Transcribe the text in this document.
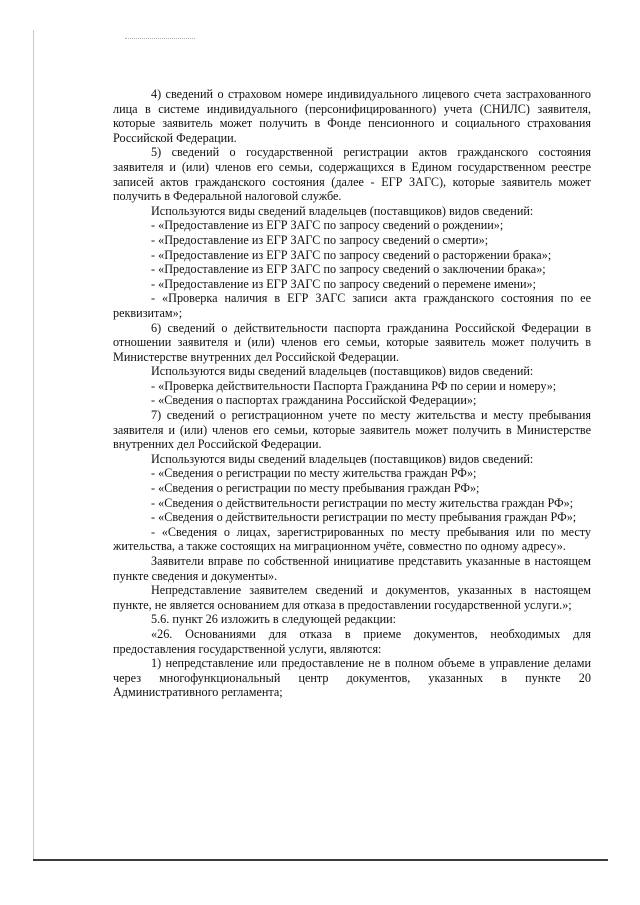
4) сведений о страховом номере индивидуального лицевого счета застрахованного лица в системе индивидуального (персонифицированного) учета (СНИЛС) заявителя, которые заявитель может получить в Фонде пенсионного и социального страхования Российской Федерации.

5) сведений о государственной регистрации актов гражданского состояния заявителя и (или) членов его семьи, содержащихся в Едином государственном реестре записей актов гражданского состояния (далее - ЕГР ЗАГС), которые заявитель может получить в Федеральной налоговой службе.

Используются виды сведений владельцев (поставщиков) видов сведений:

- «Предоставление из ЕГР ЗАГС по запросу сведений о рождении»;

- «Предоставление из ЕГР ЗАГС по запросу сведений о смерти»;

- «Предоставление из ЕГР ЗАГС по запросу сведений о расторжении брака»;

- «Предоставление из ЕГР ЗАГС по запросу сведений о заключении брака»;

- «Предоставление из ЕГР ЗАГС по запросу сведений о перемене имени»;

- «Проверка наличия в ЕГР ЗАГС записи акта гражданского состояния по ее реквизитам»;

6) сведений о действительности паспорта гражданина Российской Федерации в отношении заявителя и (или) членов его семьи, которые заявитель может получить в Министерстве внутренних дел Российской Федерации.

Используются виды сведений владельцев (поставщиков) видов сведений:

- «Проверка действительности Паспорта Гражданина РФ по серии и номеру»;

- «Сведения о паспортах гражданина Российской Федерации»;

7) сведений о регистрационном учете по месту жительства и месту пребывания заявителя и (или) членов его семьи, которые заявитель может получить в Министерстве внутренних дел Российской Федерации.

Используются виды сведений владельцев (поставщиков) видов сведений:

- «Сведения о регистрации по месту жительства граждан РФ»;

- «Сведения о регистрации по месту пребывания граждан РФ»;

- «Сведения о действительности регистрации по месту жительства граждан РФ»;

- «Сведения о действительности регистрации по месту пребывания граждан РФ»;

- «Сведения о лицах, зарегистрированных по месту пребывания или по месту жительства, а также состоящих на миграционном учёте, совместно по одному адресу».

Заявители вправе по собственной инициативе представить указанные в настоящем пункте сведения и документы».

Непредставление заявителем сведений и документов, указанных в настоящем пункте, не является основанием для отказа в предоставлении государственной услуги.»;

5.6. пункт 26 изложить в следующей редакции:

«26. Основаниями для отказа в приеме документов, необходимых для предоставления государственной услуги, являются:

1) непредставление или предоставление не в полном объеме в управление делами через многофункциональный центр документов, указанных в пункте 20 Административного регламента;
